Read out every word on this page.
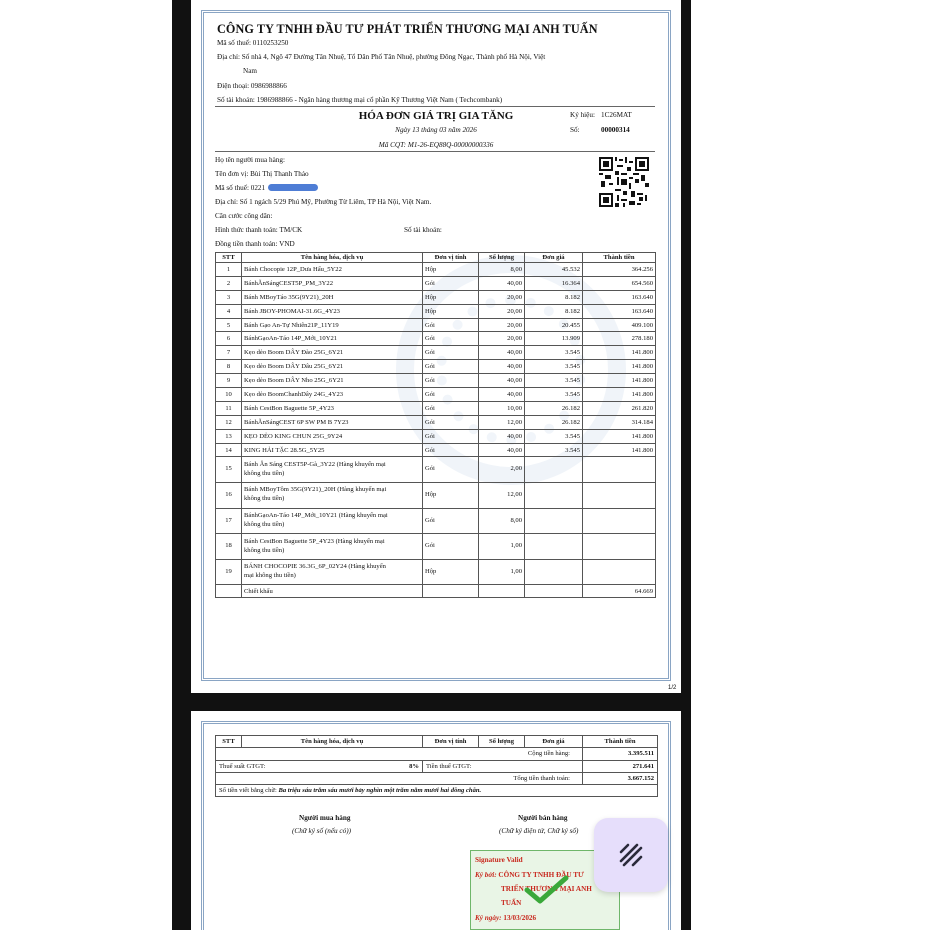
CÔNG TY TNHH ĐẦU TƯ PHÁT TRIỂN THƯƠNG MẠI ANH TUẤN
Mã số thuế: 0110253250
Địa chỉ: Số nhà 4, Ngõ 47 Đường Tân Nhuệ, Tổ Dân Phố Tân Nhuệ, phường Đông Ngạc, Thành phố Hà Nội, Việt
Nam
Điện thoại: 0986988866
Số tài khoản: 1986988866 - Ngân hàng thương mại cổ phần Kỹ Thương Việt Nam ( Techcombank)
HÓA ĐƠN GIÁ TRỊ GIA TĂNG
Ngày 13 tháng 03 năm 2026
Mã CQT: M1-26-EQ88Q-00000000336
Ký hiệu: 1C26MAT
Số:	00000314
Họ tên người mua hàng:
Tên đơn vị: Bùi Thị Thanh Thảo
Mã số thuế: 0221
Địa chỉ: Số 1 ngách 5/29 Phú Mỹ, Phường Từ Liêm, TP Hà Nội, Việt Nam.
Căn cước công dân:
Hình thức thanh toán: TM/CK	Số tài khoản:
Đồng tiền thanh toán: VND
STT	Tên hàng hóa, dịch vụ	Đơn vị tính	Số lượng	Đơn giá	Thành tiền
1	Bánh Chocopie 12P_Dưa Hấu_5Y22	Hộp	8,00	45.532	364.256
2	BánhĂnSángCEST5P_PM_3Y22	Gói	40,00	16.364	654.560
3	Bánh MBoyTáo 35G(9Y21)_20H	Hộp	20,00	8.182	163.640
4	Bánh JBOY-PHOMAI-31.6G_4Y23	Hộp	20,00	8.182	163.640
5	Bánh Gạo An-Tự Nhiên21P_11Y19	Gói	20,00	20.455	409.100
6	BánhGạoAn-Táo 14P_Mới_10Y21	Gói	20,00	13.909	278.180
7	Kẹo dẻo Boom DÂY Đào 25G_6Y21	Gói	40,00	3.545	141.800
8	Kẹo dẻo Boom DÂY Dâu 25G_6Y21	Gói	40,00	3.545	141.800
9	Kẹo dẻo Boom DÂY Nho 25G_6Y21	Gói	40,00	3.545	141.800
10	Kẹo dẻo BoomChanhDây 24G_4Y23	Gói	40,00	3.545	141.800
11	Bánh CestBon Baguette 5P_4Y23	Gói	10,00	26.182	261.820
12	BánhĂnSángCEST 6P SW PM B 7Y23	Gói	12,00	26.182	314.184
13	KẸO DẺO KING CHUN 25G_9Y24	Gói	40,00	3.545	141.800
14	KING HẢI TẶC 28.5G_5Y25	Gói	40,00	3.545	141.800
15	Bánh Ăn Sáng CEST5P-Gà_3Y22 (Hàng khuyến mại
không thu tiền)	Gói	2,00		
16	Bánh MBoyTôm 35G(9Y21)_20H (Hàng khuyến mại
không thu tiền)	Hộp	12,00		
17	BánhGạoAn-Táo 14P_Mới_10Y21 (Hàng khuyến mại
không thu tiền)	Gói	8,00		
18	Bánh CestBon Baguette 5P_4Y23 (Hàng khuyến mại
không thu tiền)	Gói	1,00		
19	BÁNH CHOCOPIE 36.3G_6P_02Y24 (Hàng khuyến
mại không thu tiền)	Hộp	1,00		
	Chiết khấu				64.669
1/2
STT	Tên hàng hóa, dịch vụ	Đơn vị tính	Số lượng	Đơn giá	Thành tiền
Cộng tiền hàng:					3.395.511

Thuế suất GTGT: 8%		Tiền thuế GTGT:			271.641
Tổng tiền thanh toán:					3.667.152
Số tiền viết bằng chữ: Ba triệu sáu trăm sáu mươi bảy nghìn một trăm năm mươi hai đồng chẵn.					
Người mua hàng
(Chữ ký số (nếu có))
Người bán hàng
(Chữ ký điện tử, Chữ ký số)
Signature Valid
Ký bởi: CÔNG TY TNHH ĐẦU TƯ
TRIỂN THƯƠNG MẠI ANH
TUẤN
Ký ngày: 13/03/2026
